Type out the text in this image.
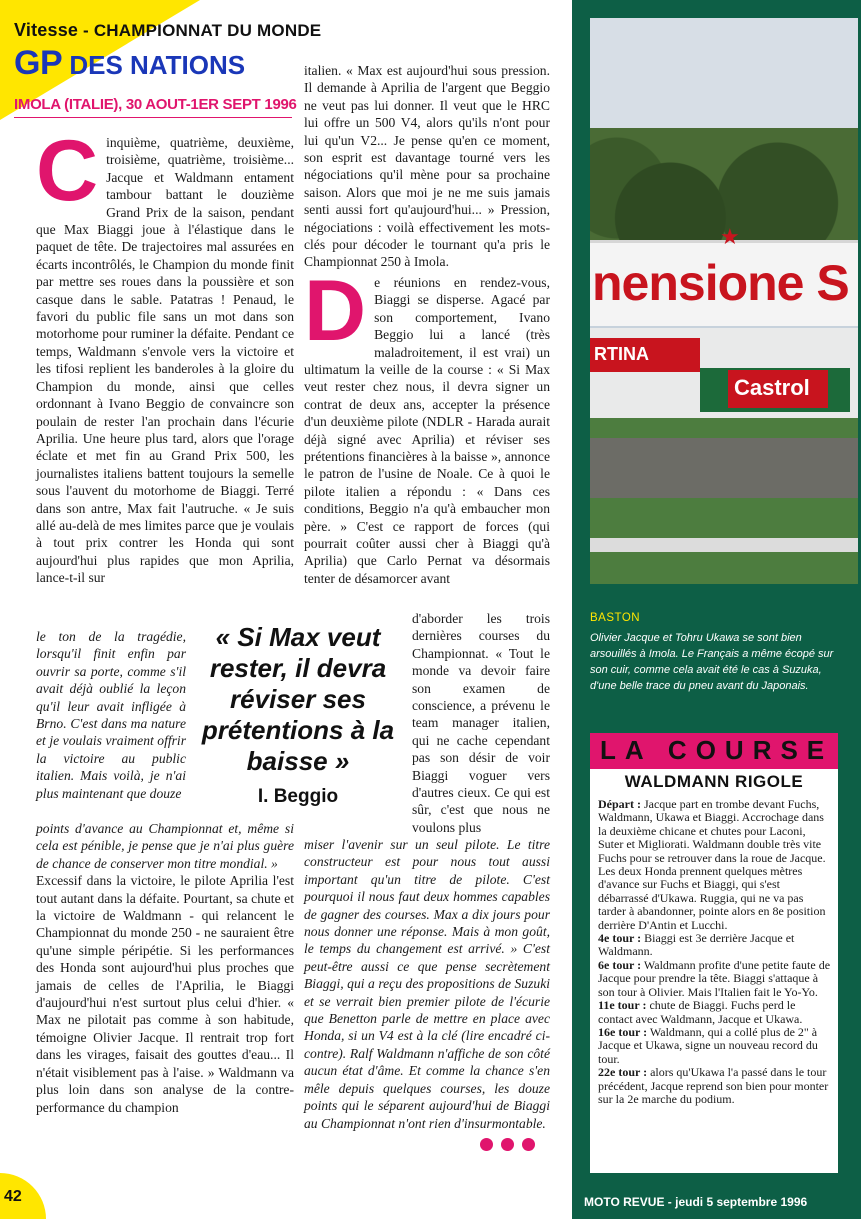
Vitesse - CHAMPIONNAT DU MONDE
GP DES NATIONS
IMOLA (ITALIE), 30 AOUT-1ER SEPT 1996

Cinquième, quatrième, deuxième, troisième, quatrième, troisième... Jacque et Waldmann entament tambour battant le douzième Grand Prix de la saison, pendant que Max Biaggi joue à l'élastique dans le paquet de tête. De trajectoires mal assurées en écarts incontrôlés, le Champion du monde finit par mettre ses roues dans la poussière et son casque dans le sable. Patatras ! Penaud, le favori du public file sans un mot dans son motorhome pour ruminer la défaite. Pendant ce temps, Waldmann s'envole vers la victoire et les tifosi replient les banderoles à la gloire du Champion du monde, ainsi que celles ordonnant à Ivano Beggio de convaincre son poulain de rester l'an prochain dans l'écurie Aprilia. Une heure plus tard, alors que l'orage éclate et met fin au Grand Prix 500, les journalistes italiens battent toujours la semelle sous l'auvent du motorhome de Biaggi. Terré dans son antre, Max fait l'autruche. « Je suis allé au-delà de mes limites parce que je voulais à tout prix contrer les Honda qui sont aujourd'hui plus rapides que mon Aprilia, lance-t-il sur

le ton de la tragédie, lorsqu'il finit enfin par ouvrir sa porte, comme s'il avait déjà oublié la leçon qu'il leur avait infligée à Brno. C'est dans ma nature et je voulais vraiment offrir la victoire au public italien. Mais voilà, je n'ai plus maintenant que douze

points d'avance au Championnat et, même si cela est pénible, je pense que je n'ai plus guère de chance de conserver mon titre mondial. »

Excessif dans la victoire, le pilote Aprilia l'est tout autant dans la défaite. Pourtant, sa chute et la victoire de Waldmann - qui relancent le Championnat du monde 250 - ne sauraient être qu'une simple péripétie. Si les performances des Honda sont aujourd'hui plus proches que jamais de celles de l'Aprilia, le Biaggi d'aujourd'hui n'est surtout plus celui d'hier. « Max ne pilotait pas comme à son habitude, témoigne Olivier Jacque. Il rentrait trop fort dans les virages, faisait des gouttes d'eau... Il n'était visiblement pas à l'aise. » Waldmann va plus loin dans son analyse de la contre-performance du champion

italien. « Max est aujourd'hui sous pression. Il demande à Aprilia de l'argent que Beggio ne veut pas lui donner. Il veut que le HRC lui offre un 500 V4, alors qu'ils n'ont pour lui qu'un V2... Je pense qu'en ce moment, son esprit est davantage tourné vers les négociations qu'il mène pour sa prochaine saison. Alors que moi je ne me suis jamais senti aussi fort qu'aujourd'hui... » Pression, négociations : voilà effectivement les mots-clés pour décoder le tournant qu'a pris le Championnat 250 à Imola.

De réunions en rendez-vous, Biaggi se disperse. Agacé par son comportement, Ivano Beggio lui a lancé (très maladroitement, il est vrai) un ultimatum la veille de la course : « Si Max veut rester chez nous, il devra signer un contrat de deux ans, accepter la présence d'un deuxième pilote (NDLR - Harada aurait déjà signé avec Aprilia) et réviser ses prétentions financières à la baisse », annonce le patron de l'usine de Noale. Ce à quoi le pilote italien a répondu : « Dans ces conditions, Beggio n'a qu'à embaucher mon père. » C'est ce rapport de forces (qui pourrait coûter aussi cher à Biaggi qu'à Aprilia) que Carlo Pernat va désormais tenter de désamorcer avant

d'aborder les trois dernières courses du Championnat. « Tout le monde va devoir faire son examen de conscience, a prévenu le team manager italien, qui ne cache cependant pas son désir de voir Biaggi voguer vers d'autres cieux. Ce qui est sûr, c'est que nous ne voulons plus

miser l'avenir sur un seul pilote. Le titre constructeur est pour nous tout aussi important qu'un titre de pilote. C'est pourquoi il nous faut deux hommes capables de gagner des courses. Max a dix jours pour nous donner une réponse. Mais à mon goût, le temps du changement est arrivé. » C'est peut-être aussi ce que pense secrètement Biaggi, qui a reçu des propositions de Suzuki et se verrait bien premier pilote de l'écurie que Benetton parle de mettre en place avec Honda, si un V4 est à la clé (lire encadré ci-contre). Ralf Waldmann n'affiche de son côté aucun état d'âme. Et comme la chance s'en mêle depuis quelques courses, les douze points qui le séparent aujourd'hui de Biaggi au Championnat n'ont rien d'insurmontable.

« Si Max veut rester, il devra réviser ses prétentions à la baisse »
I. Beggio
★
nensione S
RTINA
Castrol
BASTON
Olivier Jacque et Tohru Ukawa se sont bien arsouillés à Imola. Le Français a même écopé sur son cuir, comme cela avait été le cas à Suzuka, d'une belle trace du pneu avant du Japonais.
LA COURSE
WALDMANN RIGOLE

Départ : Jacque part en trombe devant Fuchs, Waldmann, Ukawa et Biaggi. Accrochage dans la deuxième chicane et chutes pour Laconi, Suter et Migliorati. Waldmann double très vite Fuchs pour se retrouver dans la roue de Jacque. Les deux Honda prennent quelques mètres d'avance sur Fuchs et Biaggi, qui s'est débarrassé d'Ukawa. Ruggia, qui ne va pas tarder à abandonner, pointe alors en 8e position derrière D'Antin et Lucchi.

4e tour : Biaggi est 3e derrière Jacque et Waldmann.

6e tour : Waldmann profite d'une petite faute de Jacque pour prendre la tête. Biaggi s'attaque à son tour à Olivier. Mais l'Italien fait le Yo-Yo.

11e tour : chute de Biaggi. Fuchs perd le contact avec Waldmann, Jacque et Ukawa.

16e tour : Waldmann, qui a collé plus de 2" à Jacque et Ukawa, signe un nouveau record du tour.

22e tour : alors qu'Ukawa l'a passé dans le tour précédent, Jacque reprend son bien pour monter sur la 2e marche du podium.

MOTO REVUE - jeudi 5 septembre 1996
42
